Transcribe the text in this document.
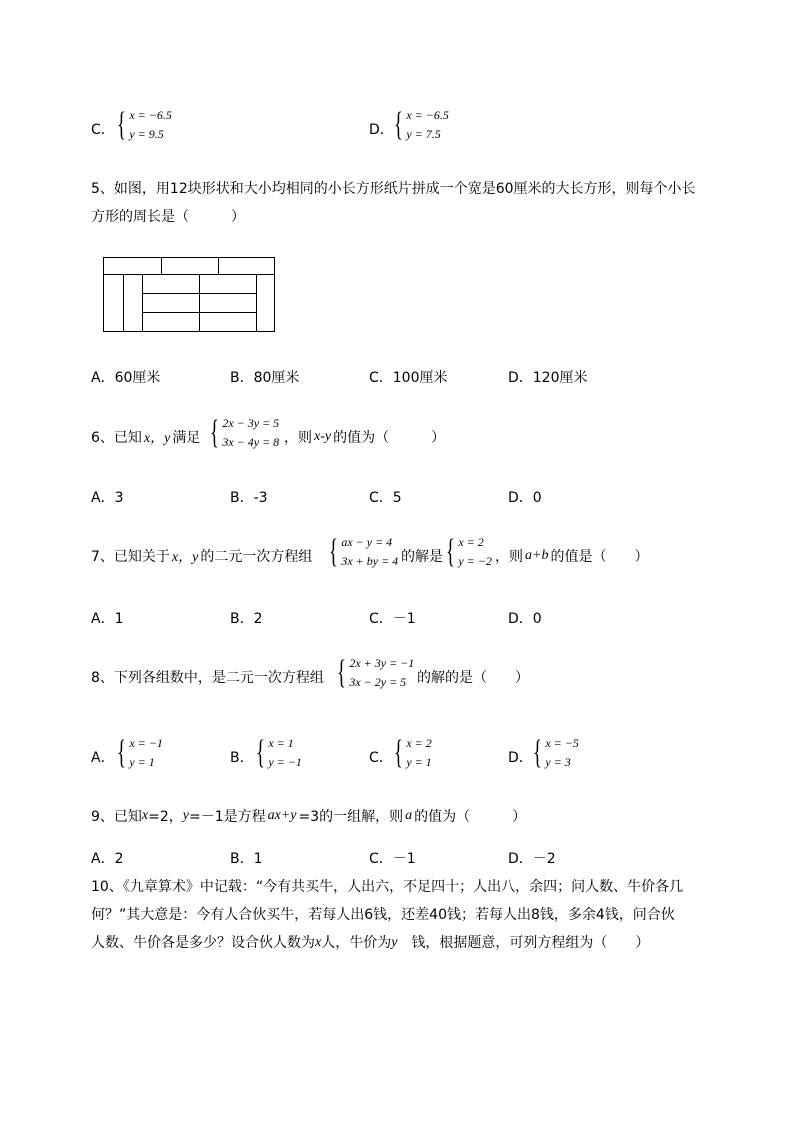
C． { x = −6.5
y = 9.5	D． { x = −6.5
y = 7.5
5、如图，用12块形状和大小均相同的小长方形纸片拼成一个宽是60厘米的大长方形，则每个小长
方形的周长是（　　　）
A．60厘米	B．80厘米	C．100厘米	D．120厘米
6、已知 x，y 满足 { 2x − 3y = 5
3x − 4y = 8 ，则 x-y 的值为（　　　）
A．3	B．-3	C．5	D．0
7、已知关于 x，y 的二元一次方程组 { ax − y = 4
3x + by = 4 的解是 { x = 2
y = −2 ，则 a+b 的值是（　　）
A．1	B．2	C．－1	D．0
8、下列各组数中，是二元一次方程组 { 2x + 3y = −1
3x − 2y = 5 的解的是（　　）
A． { x = −1
y = 1	B． { x = 1
y = −1	C． { x = 2
y = 1	D． { x = −5
y = 3
9、已知 x =2， y =－1是方程 ax+y =3的一组解，则 a 的值为（　　　）
A．2	B．1	C．－1	D．－2
10、《九章算术》中记载：“今有共买牛，人出六，不足四十；人出八，余四；问人数、牛价各几
何？”其大意是：今有人合伙买牛，若每人出6钱，还差40钱；若每人出8钱，多余4钱，问合伙
人数、牛价各是多少？设合伙人数为 x 人，牛价为 y 　钱，根据题意，可列方程组为（　　）
